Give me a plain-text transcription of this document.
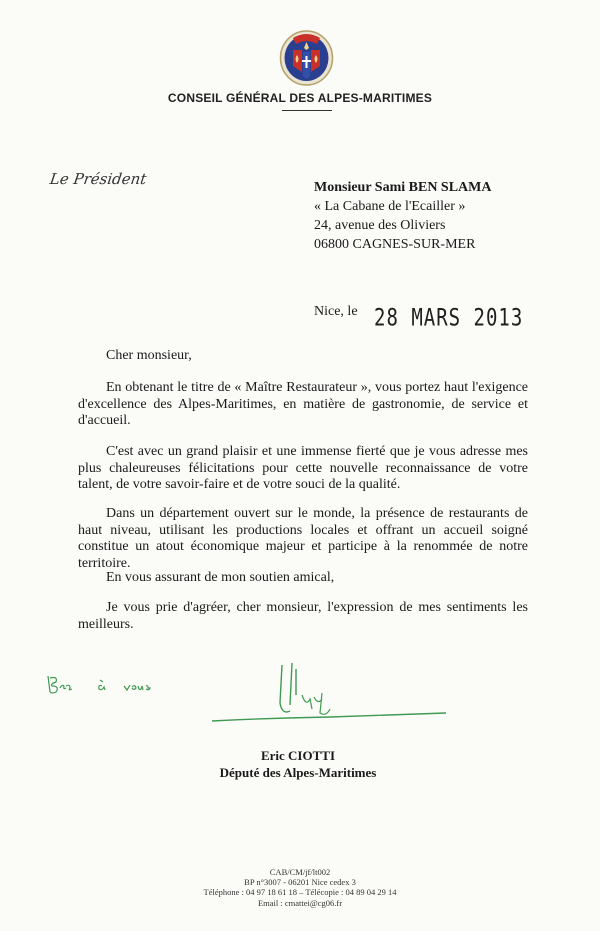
CONSEIL GÉNÉRAL DES ALPES-MARITIMES
Le Président	Monsieur Sami BEN SLAMA
« La Cabane de l'Ecailler »
24, avenue des Oliviers
06800 CAGNES-SUR-MER
Nice, le 28 MARS 2013
Cher monsieur,
En obtenant le titre de « Maître Restaurateur », vous portez haut l'exigence d'excellence des Alpes-Maritimes, en matière de gastronomie, de service et d'accueil.
C'est avec un grand plaisir et une immense fierté que je vous adresse mes plus chaleureuses félicitations pour cette nouvelle reconnaissance de votre talent, de votre savoir-faire et de votre souci de la qualité.
Dans un département ouvert sur le monde, la présence de restaurants de haut niveau, utilisant les productions locales et offrant un accueil soigné constitue un atout économique majeur et participe à la renommée de notre territoire.
En vous assurant de mon soutien amical,
Je vous prie d'agréer, cher monsieur, l'expression de mes sentiments les meilleurs.
Eric CIOTTI
Député des Alpes-Maritimes
CAB/CM/jf/lt002
BP n°3007 - 06201 Nice cedex 3
Téléphone : 04 97 18 61 18 – Télécopie : 04 89 04 29 14
Email : cmattei@cg06.fr
